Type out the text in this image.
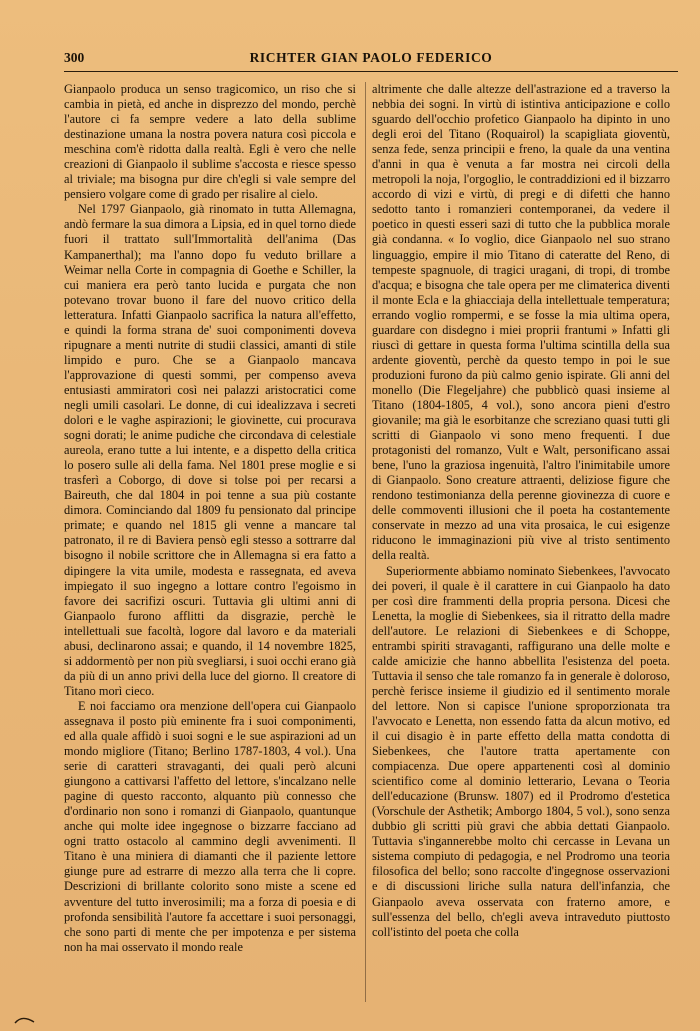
300	RICHTER GIAN PAOLO FEDERICO

Gianpaolo produca un senso tragicomico, un riso che si cambia in pietà, ed anche in disprezzo del mondo, perchè l'autore ci fa sempre vedere a lato della sublime destinazione umana la nostra povera natura così piccola e meschina com'è ridotta dalla realtà. Egli è vero che nelle creazioni di Gianpaolo il sublime s'accosta e riesce spesso al triviale; ma bisogna pur dire ch'egli si vale sempre del pensiero volgare come di grado per risalire al cielo.

Nel 1797 Gianpaolo, già rinomato in tutta Allemagna, andò fermare la sua dimora a Lipsia, ed in quel torno diede fuori il trattato sull'Immortalità dell'anima (Das Kampanerthal); ma l'anno dopo fu veduto brillare a Weimar nella Corte in compagnia di Goethe e Schiller, la cui maniera era però tanto lucida e purgata che non potevano trovar buono il fare del nuovo critico della letteratura. Infatti Gianpaolo sacrifica la natura all'effetto, e quindi la forma strana de' suoi componimenti doveva ripugnare a menti nutrite di studii classici, amanti di stile limpido e puro. Che se a Gianpaolo mancava l'approvazione di questi sommi, per compenso aveva entusiasti ammiratori così nei palazzi aristocratici come negli umili casolari. Le donne, di cui idealizzava i secreti dolori e le vaghe aspirazioni; le giovinette, cui procurava sogni dorati; le anime pudiche che circondava di celestiale aureola, erano tutte a lui intente, e a dispetto della critica lo posero sulle ali della fama. Nel 1801 prese moglie e si trasferì a Coborgo, di dove si tolse poi per recarsi a Baireuth, che dal 1804 in poi tenne a sua più costante dimora. Cominciando dal 1809 fu pensionato dal principe primate; e quando nel 1815 gli venne a mancare tal patronato, il re di Baviera pensò egli stesso a sottrarre dal bisogno il nobile scrittore che in Allemagna si era fatto a dipingere la vita umile, modesta e rassegnata, ed aveva impiegato il suo ingegno a lottare contro l'egoismo in favore dei sacrifizi oscuri. Tuttavia gli ultimi anni di Gianpaolo furono afflitti da disgrazie, perchè le intellettuali sue facoltà, logore dal lavoro e da materiali abusi, declinarono assai; e quando, il 14 novembre 1825, si addormentò per non più svegliarsi, i suoi occhi erano già da più di un anno privi della luce del giorno. Il creatore di Titano morì cieco.

E noi facciamo ora menzione dell'opera cui Gianpaolo assegnava il posto più eminente fra i suoi componimenti, ed alla quale affidò i suoi sogni e le sue aspirazioni ad un mondo migliore (Titano; Berlino 1787-1803, 4 vol.). Una serie di caratteri stravaganti, dei quali però alcuni giungono a cattivarsi l'affetto del lettore, s'incalzano nelle pagine di questo racconto, alquanto più connesso che d'ordinario non sono i romanzi di Gianpaolo, quantunque anche qui molte idee ingegnose o bizzarre facciano ad ogni tratto ostacolo al cammino degli avvenimenti. Il Titano è una miniera di diamanti che il paziente lettore giunge pure ad estrarre di mezzo alla terra che li copre. Descrizioni di brillante colorito sono miste a scene ed avventure del tutto inverosimili; ma a forza di poesia e di profonda sensibilità l'autore fa accettare i suoi personaggi, che sono parti di mente che per impotenza e per sistema non ha mai osservato il mondo reale

altrimente che dalle altezze dell'astrazione ed a traverso la nebbia dei sogni. In virtù di istintiva anticipazione e collo sguardo dell'occhio profetico Gianpaolo ha dipinto in uno degli eroi del Titano (Roquairol) la scapigliata gioventù, senza fede, senza principii e freno, la quale da una ventina d'anni in qua è venuta a far mostra nei circoli della metropoli la noja, l'orgoglio, le contraddizioni ed il bizzarro accordo di vizi e virtù, di pregi e di difetti che hanno sedotto tanto i romanzieri contemporanei, da vedere il poetico in questi esseri sazi di tutto che la pubblica morale già condanna. « Io voglio, dice Gianpaolo nel suo strano linguaggio, empire il mio Titano di cateratte del Reno, di tempeste spagnuole, di tragici uragani, di tropi, di trombe d'acqua; e bisogna che tale opera per me climaterica diventi il monte Ecla e la ghiacciaja della intellettuale temperatura; errando voglio rompermi, e se fosse la mia ultima opera, guardare con disdegno i miei proprii frantumi » Infatti gli riuscì di gettare in questa forma l'ultima scintilla della sua ardente gioventù, perchè da questo tempo in poi le sue produzioni furono da più calmo genio ispirate. Gli anni del monello (Die Flegeljahre) che pubblicò quasi insieme al Titano (1804-1805, 4 vol.), sono ancora pieni d'estro giovanile; ma già le esorbitanze che screziano quasi tutti gli scritti di Gianpaolo vi sono meno frequenti. I due protagonisti del romanzo, Vult e Walt, personificano assai bene, l'uno la graziosa ingenuità, l'altro l'inimitabile umore di Gianpaolo. Sono creature attraenti, deliziose figure che rendono testimonianza della perenne giovinezza di cuore e delle commoventi illusioni che il poeta ha costantemente conservate in mezzo ad una vita prosaica, le cui esigenze riducono le immaginazioni più vive al tristo sentimento della realtà.

Superiormente abbiamo nominato Siebenkees, l'avvocato dei poveri, il quale è il carattere in cui Gianpaolo ha dato per così dire frammenti della propria persona. Dicesi che Lenetta, la moglie di Siebenkees, sia il ritratto della madre dell'autore. Le relazioni di Siebenkees e di Schoppe, entrambi spiriti stravaganti, raffigurano una delle molte e calde amicizie che hanno abbellita l'esistenza del poeta. Tuttavia il senso che tale romanzo fa in generale è doloroso, perchè ferisce insieme il giudizio ed il sentimento morale del lettore. Non si capisce l'unione sproporzionata tra l'avvocato e Lenetta, non essendo fatta da alcun motivo, ed il cui disagio è in parte effetto della matta condotta di Siebenkees, che l'autore tratta apertamente con compiacenza. Due opere appartenenti così al dominio scientifico come al dominio letterario, Levana o Teoria dell'educazione (Brunsw. 1807) ed il Prodromo d'estetica (Vorschule der Asthetik; Amborgo 1804, 5 vol.), sono senza dubbio gli scritti più gravi che abbia dettati Gianpaolo. Tuttavia s'ingannerebbe molto chi cercasse in Levana un sistema compiuto di pedagogia, e nel Prodromo una teoria filosofica del bello; sono raccolte d'ingegnose osservazioni e di discussioni liriche sulla natura dell'infanzia, che Gianpaolo aveva osservata con fraterno amore, e sull'essenza del bello, ch'egli aveva intraveduto piuttosto coll'istinto del poeta che colla
